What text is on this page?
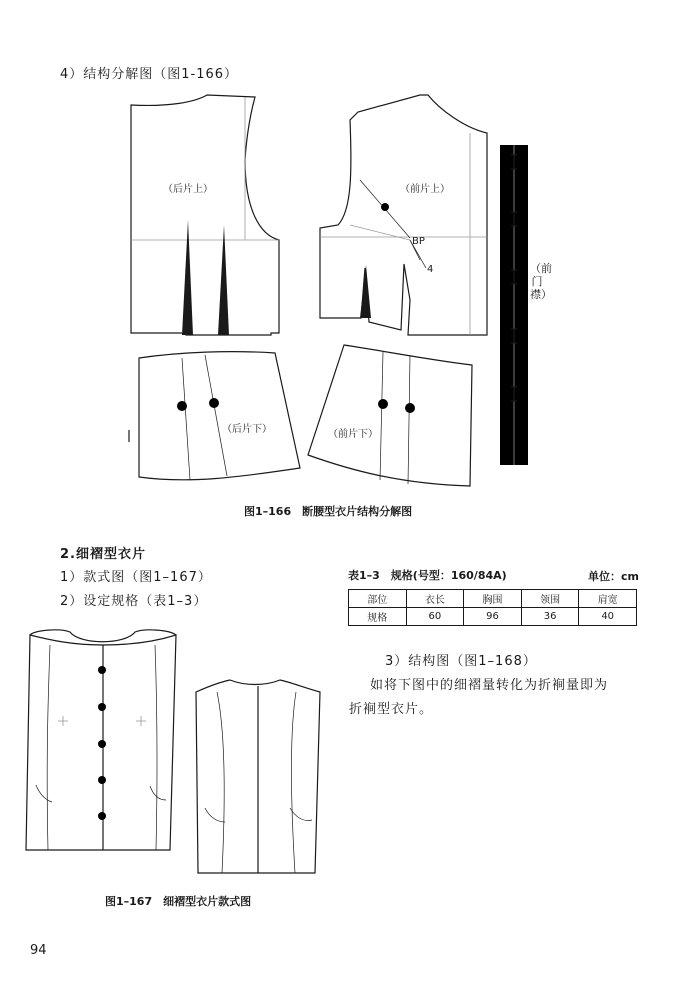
4）结构分解图（图1-166）
（后片上）	（前片上）
BP
4
（后片下）	（前片下）
（前门襟）
图1–166　断腰型衣片结构分解图
2.细褶型衣片
1）款式图（图1–167）
2）设定规格（表1–3）
表1–3　规格(号型：160/84A)	单位：cm
部位	衣长	胸围	领围	肩宽
规格	60	96	36	40
3）结构图（图1–168）
如将下图中的细褶量转化为折裥量即为
折裥型衣片。
图1–167　细褶型衣片款式图
94
